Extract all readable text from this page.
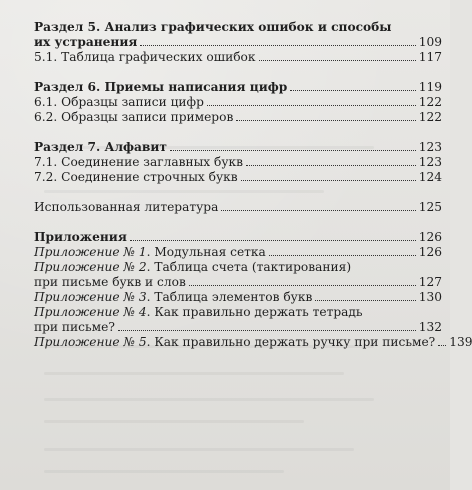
Раздел 5. Анализ графических ошибок и способы
их устранения	109
5.1. Таблица графических ошибок	117
Раздел 6. Приемы написания цифр	119
6.1. Образцы записи цифр	122
6.2. Образцы записи примеров	122
Раздел 7. Алфавит	123
7.1. Соединение заглавных букв	123
7.2. Соединение строчных букв	124
Использованная литература	125
Приложения	126
Приложение № 1. Модульная сетка	126
Приложение № 2. Таблица счета (тактирования)
при письме букв и слов	127
Приложение № 3. Таблица элементов букв	130
Приложение № 4. Как правильно держать тетрадь
при письме?	132
Приложение № 5. Как правильно держать ручку при письме? 139
